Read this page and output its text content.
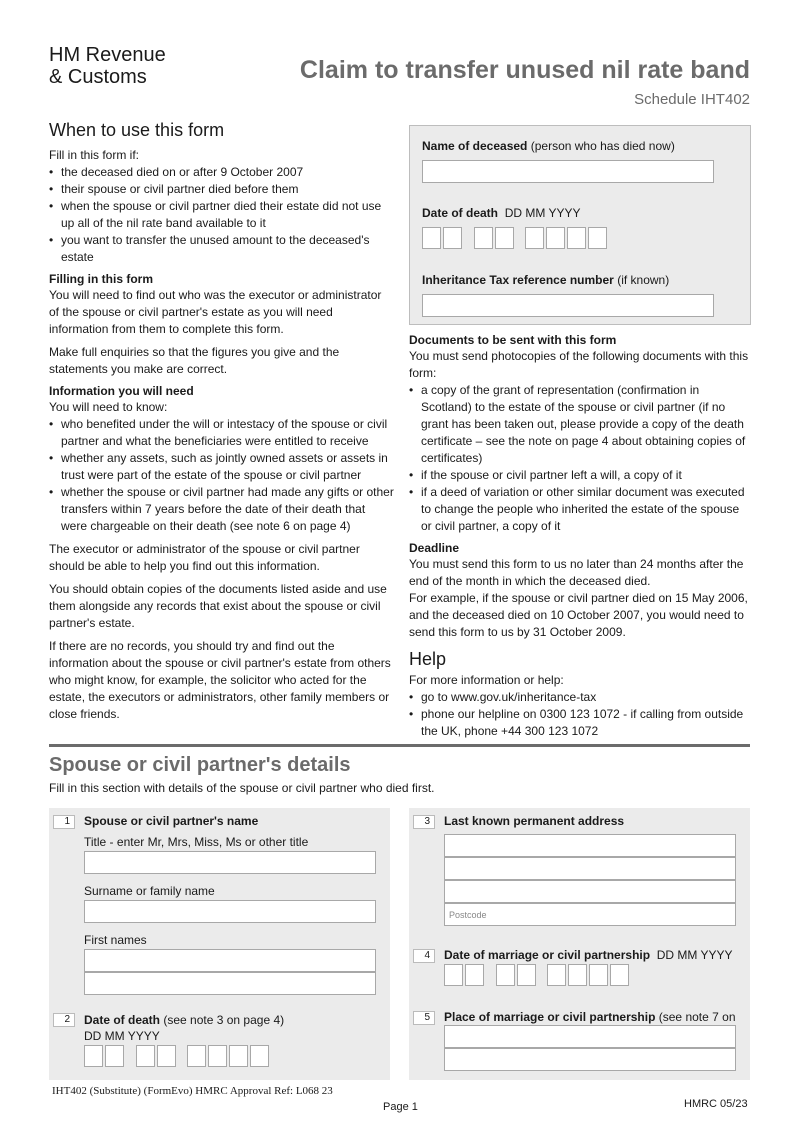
HM Revenue
& Customs	Claim to transfer unused nil rate band
Schedule IHT402
When to use this form

Fill in this form if:

• the deceased died on or after 9 October 2007
• their spouse or civil partner died before them
• when the spouse or civil partner died their estate did not use up all of the nil rate band available to it
• you want to transfer the unused amount to the deceased's estate
Filling in this form

You will need to find out who was the executor or administrator of the spouse or civil partner's estate as you will need information from them to complete this form.

Make full enquiries so that the figures you give and the statements you make are correct.

Information you will need

You will need to know:

• who benefited under the will or intestacy of the spouse or civil partner and what the beneficiaries were entitled to receive
• whether any assets, such as jointly owned assets or assets in trust were part of the estate of the spouse or civil partner
• whether the spouse or civil partner had made any gifts or other transfers within 7 years before the date of their death that were chargeable on their death (see note 6 on page 4)

The executor or administrator of the spouse or civil partner should be able to help you find out this information.

You should obtain copies of the documents listed aside and use them alongside any records that exist about the spouse or civil partner's estate.

If there are no records, you should try and find out the information about the spouse or civil partner's estate from others who might know, for example, the solicitor who acted for the estate, the executors or administrators, other family members or close friends.

Name of deceased (person who has died now)
Date of death DD MM YYYY
Inheritance Tax reference number (if known)
Documents to be sent with this form

You must send photocopies of the following documents with this form:

• a copy of the grant of representation (confirmation in Scotland) to the estate of the spouse or civil partner (if no grant has been taken out, please provide a copy of the death certificate – see the note on page 4 about obtaining copies of certificates)
• if the spouse or civil partner left a will, a copy of it
• if a deed of variation or other similar document was executed to change the people who inherited the estate of the spouse or civil partner, a copy of it
Deadline

You must send this form to us no later than 24 months after the end of the month in which the deceased died.

For example, if the spouse or civil partner died on 15 May 2006, and the deceased died on 10 October 2007, you would need to send this form to us by 31 October 2009.

Help

For more information or help:

• go to www.gov.uk/inheritance-tax
• phone our helpline on 0300 123 1072 - if calling from outside the UK, phone +44 300 123 1072
Spouse or civil partner's details
Fill in this section with details of the spouse or civil partner who died first.
1	Spouse or civil partner's name
Title - enter Mr, Mrs, Miss, Ms or other title
Surname or family name
First names
2	Date of death (see note 3 on page 4)
DD MM YYYY
3	Last known permanent address
Postcode
4	Date of marriage or civil partnership DD MM YYYY
5	Place of marriage or civil partnership (see note 7 on
IHT402 (Substitute) (FormEvo) HMRC Approval Ref: L068 23
Page 1	HMRC 05/23
